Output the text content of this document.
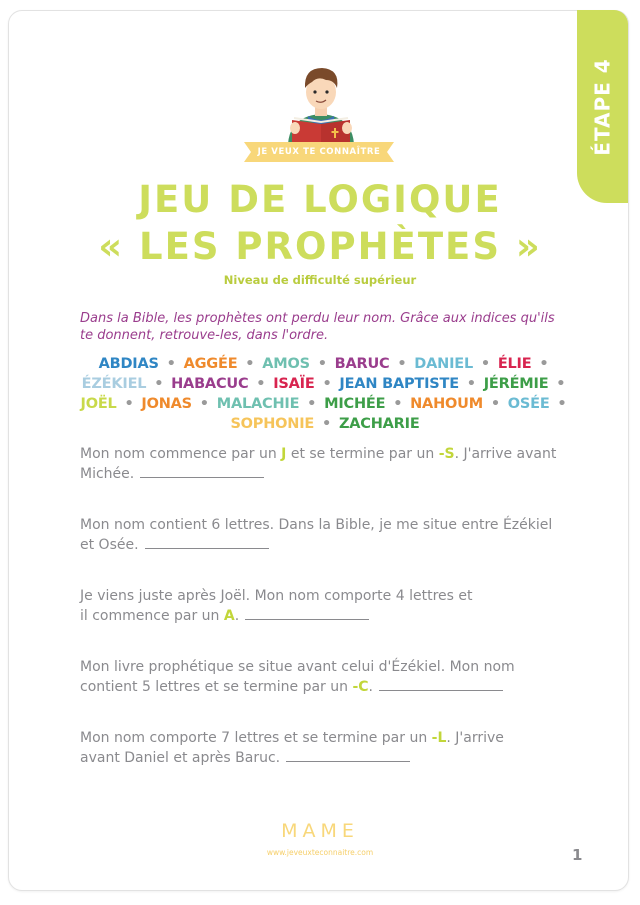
ÉTAPE 4
JE VEUX TE CONNAÎTRE
JEU DE LOGIQUE
« LES PROPHÈTES »
Niveau de difficulté supérieur
Dans la Bible, les prophètes ont perdu leur nom. Grâce aux indices qu'ils te donnent, retrouve-les, dans l'ordre.
ABDIAS • AGGÉE • AMOS • BARUC • DANIEL • ÉLIE • ÉZÉKIEL • HABACUC • ISAÏE • JEAN BAPTISTE • JÉRÉMIE • JOËL • JONAS • MALACHIE • MICHÉE • NAHOUM • OSÉE • SOPHONIE • ZACHARIE
Mon nom commence par un J et se termine par un -S. J'arrive avant Michée.
Mon nom contient 6 lettres. Dans la Bible, je me situe entre Ézékiel et Osée.
Je viens juste après Joël. Mon nom comporte 4 lettres et il commence par un A.
Mon livre prophétique se situe avant celui d'Ézékiel. Mon nom contient 5 lettres et se termine par un -C.
Mon nom comporte 7 lettres et se termine par un -L. J'arrive avant Daniel et après Baruc.
MAME
www.jeveuxteconnaitre.com	1
